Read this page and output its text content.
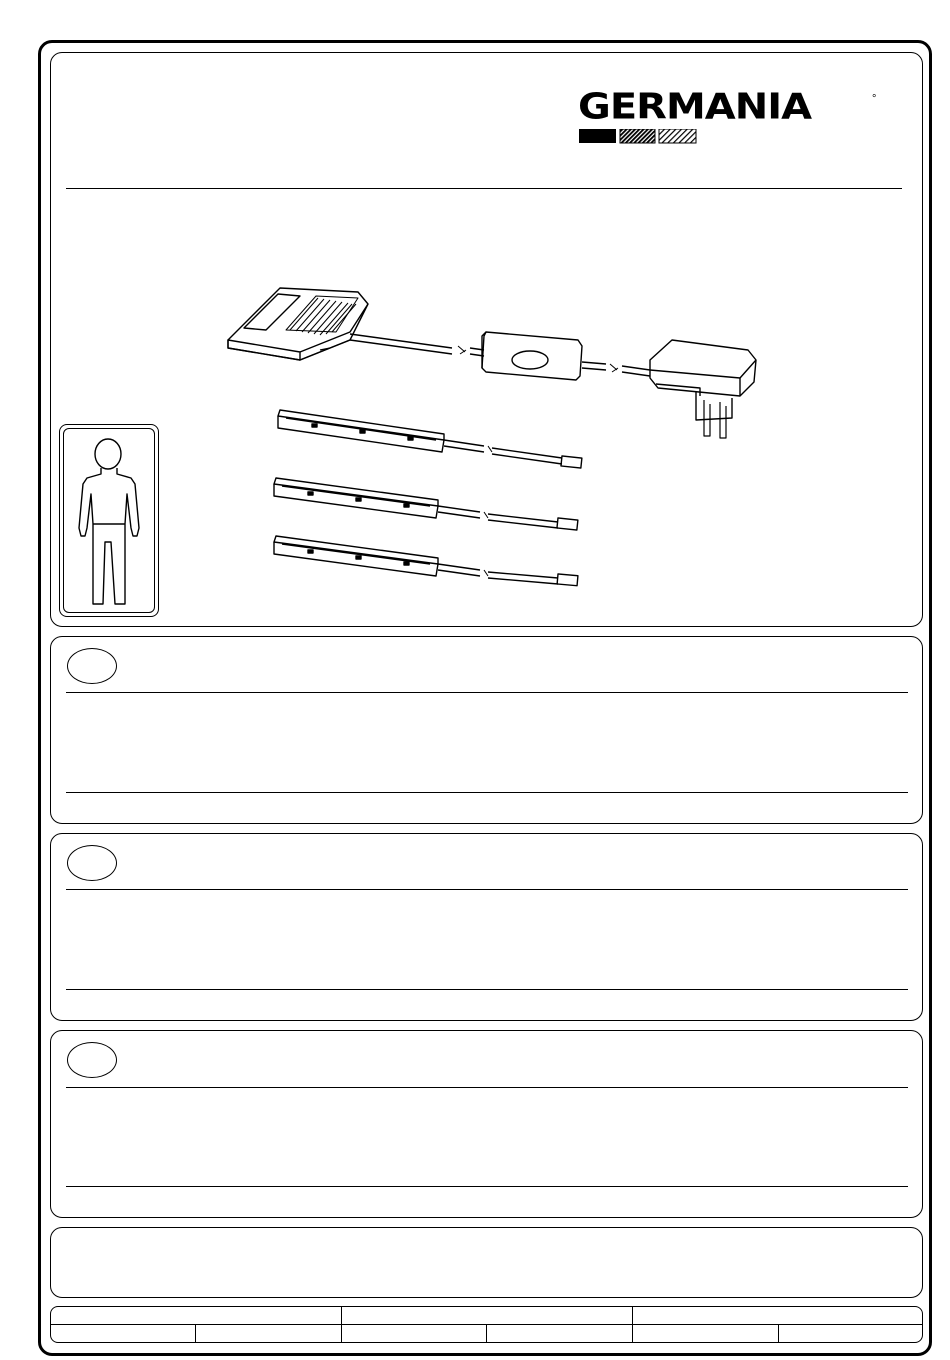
GERMANIA	°
